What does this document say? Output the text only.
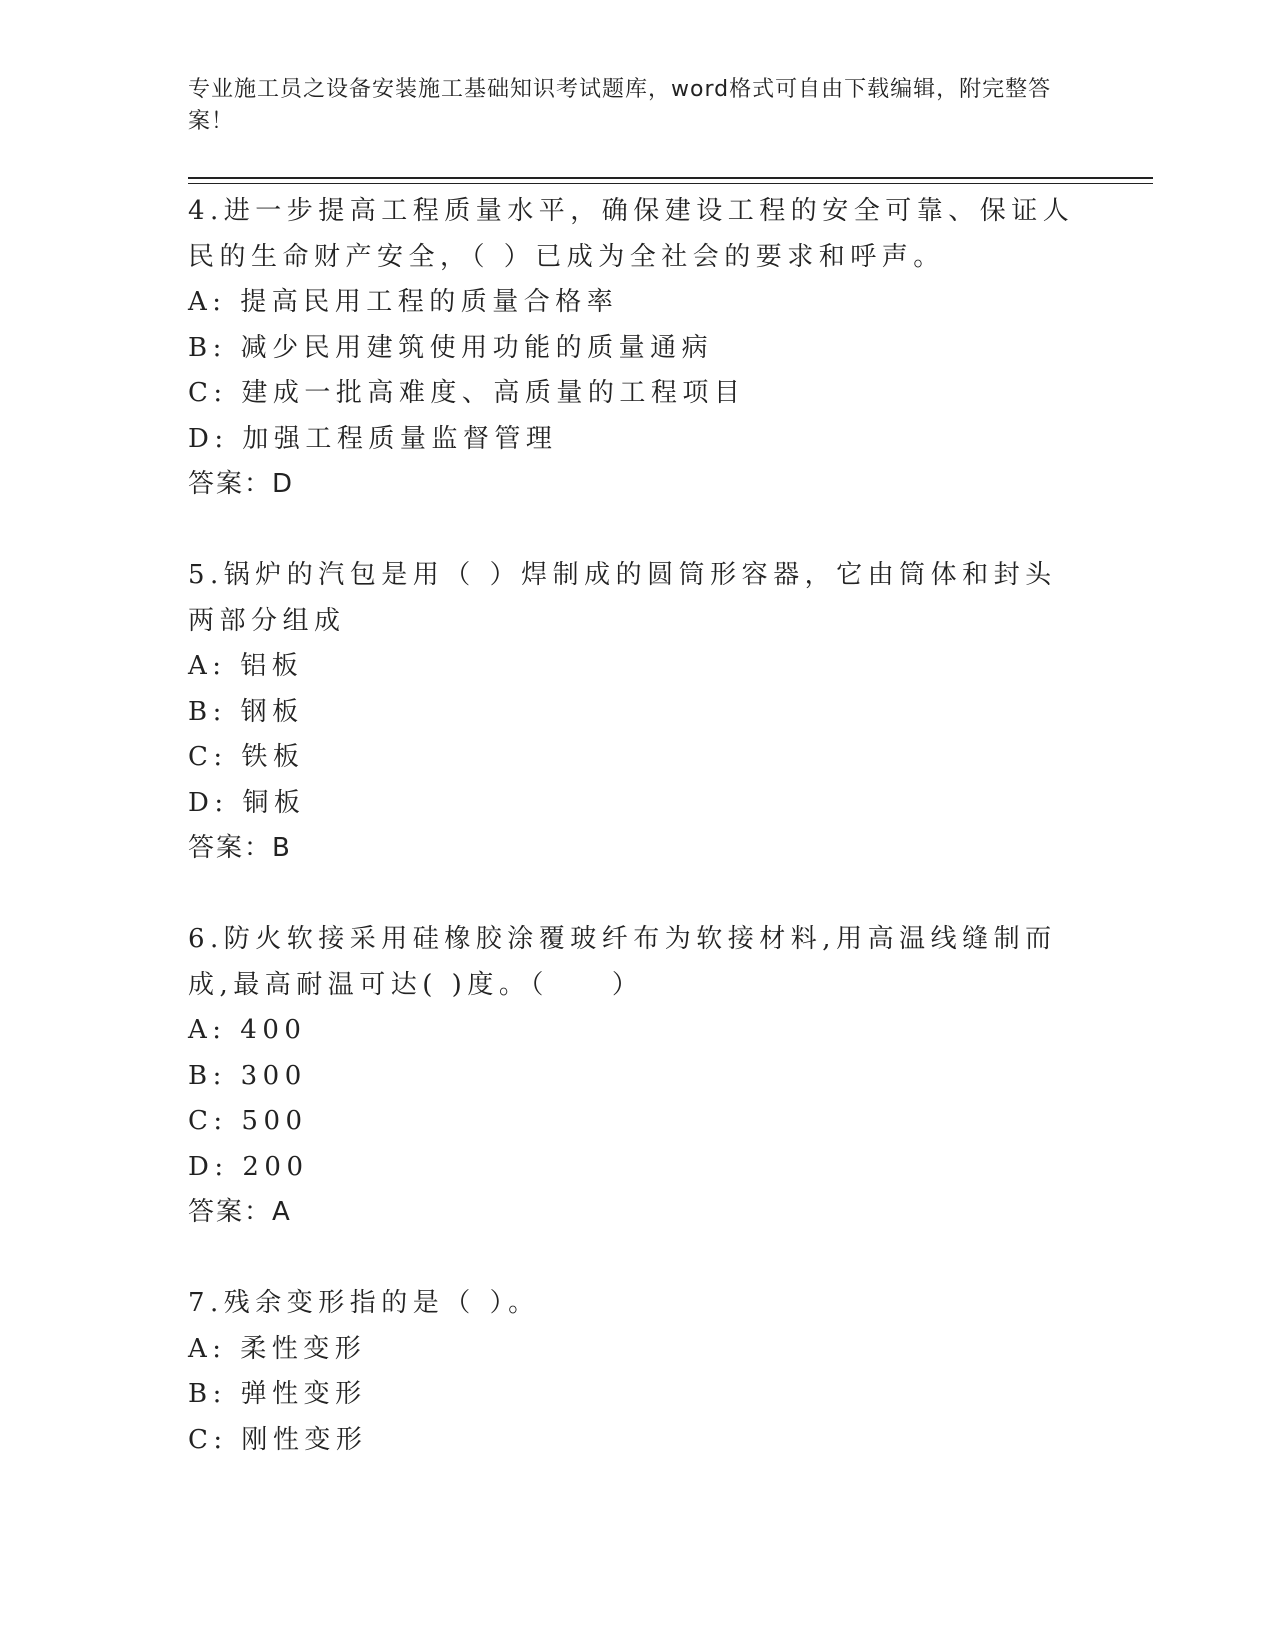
专业施工员之设备安装施工基础知识考试题库，word格式可自由下载编辑，附完整答案！
4.进一步提高工程质量水平，确保建设工程的安全可靠、保证人民的生命财产安全，（ ）已成为全社会的要求和呼声。
A: 提高民用工程的质量合格率
B: 减少民用建筑使用功能的质量通病
C: 建成一批高难度、高质量的工程项目
D: 加强工程质量监督管理
答案：D
5.锅炉的汽包是用（ ）焊制成的圆筒形容器，它由筒体和封头两部分组成
A: 铝板
B: 钢板
C: 铁板
D: 铜板
答案：B
6.防火软接采用硅橡胶涂覆玻纤布为软接材料,用高温线缝制而成,最高耐温可达( )度。（　　）
A: 400
B: 300
C: 500
D: 200
答案：A
7.残余变形指的是（ ）。
A: 柔性变形
B: 弹性变形
C: 刚性变形
